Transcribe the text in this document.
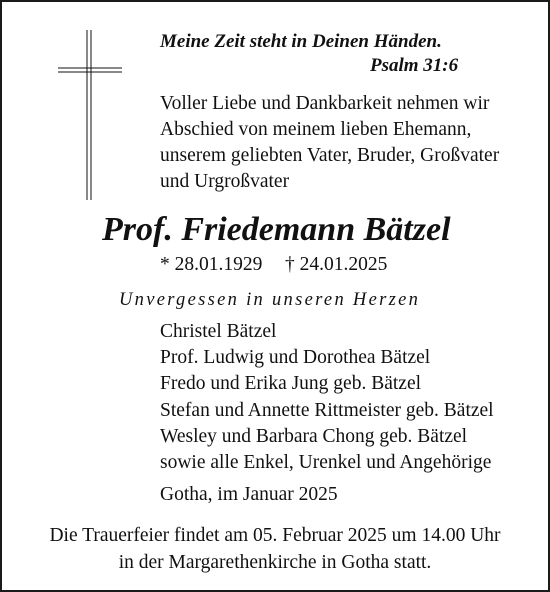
Meine Zeit steht in Deinen Händen.
Psalm 31:6
Voller Liebe und Dankbarkeit nehmen wir
Abschied von meinem lieben Ehemann,
unserem geliebten Vater, Bruder, Großvater
und Urgroßvater
Prof. Friedemann Bätzel
* 28.01.1929 † 24.01.2025
Unvergessen in unseren Herzen
Christel Bätzel
Prof. Ludwig und Dorothea Bätzel
Fredo und Erika Jung geb. Bätzel
Stefan und Annette Rittmeister geb. Bätzel
Wesley und Barbara Chong geb. Bätzel
sowie alle Enkel, Urenkel und Angehörige
Gotha, im Januar 2025
Die Trauerfeier findet am 05. Februar 2025 um 14.00 Uhr
in der Margarethenkirche in Gotha statt.
